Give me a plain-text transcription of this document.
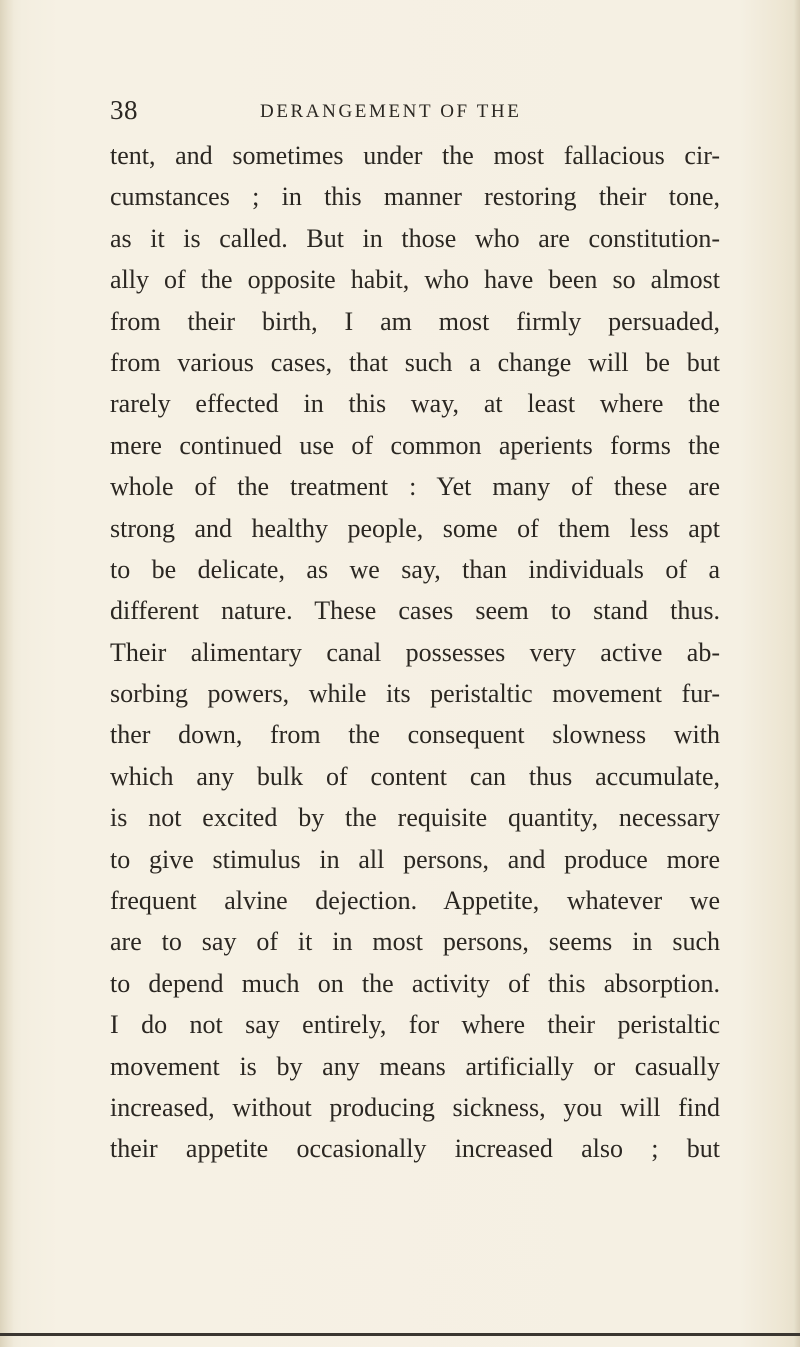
38	DERANGEMENT OF THE
tent, and sometimes under the most fallacious cir-
cumstances ; in this manner restoring their tone,
as it is called. But in those who are constitution-
ally of the opposite habit, who have been so almost
from their birth, I am most firmly persuaded,
from various cases, that such a change will be but
rarely effected in this way, at least where the
mere continued use of common aperients forms the
whole of the treatment : Yet many of these are
strong and healthy people, some of them less apt
to be delicate, as we say, than individuals of a
different nature. These cases seem to stand thus.
Their alimentary canal possesses very active ab-
sorbing powers, while its peristaltic movement fur-
ther down, from the consequent slowness with
which any bulk of content can thus accumulate,
is not excited by the requisite quantity, necessary
to give stimulus in all persons, and produce more
frequent alvine dejection. Appetite, whatever we
are to say of it in most persons, seems in such
to depend much on the activity of this absorption.
I do not say entirely, for where their peristaltic
movement is by any means artificially or casually
increased, without producing sickness, you will find
their appetite occasionally increased also ; but
